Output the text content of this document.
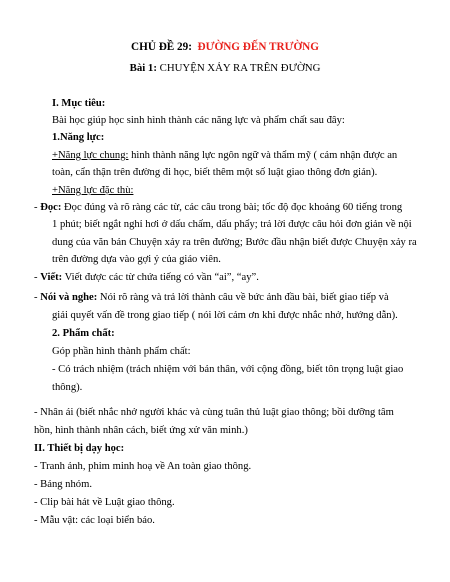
CHỦ ĐỀ 29: ĐƯỜNG ĐẾN TRƯỜNG
Bài 1: CHUYỆN XẢY RA TRÊN ĐƯỜNG
I. Mục tiêu:
Bài học giúp học sinh hình thành các năng lực và phẩm chất sau đây:
1.Năng lực:
+Năng lực chung: hình thành năng lực ngôn ngữ và thẩm mỹ ( cảm nhận được an
toàn, cẩn thận trên đường đi học, biết thêm một số luật giao thông đơn giản).
+Năng lực đặc thù:
- Đọc: Đọc đúng và rõ ràng các từ, các câu trong bài; tốc độ đọc khoảng 60 tiếng trong
1 phút; biết ngắt nghỉ hơi ở dấu chấm, dấu phẩy; trả lời được câu hỏi đơn giản về nội
dung của văn bản Chuyện xảy ra trên đường; Bước đầu nhận biết được Chuyện xảy ra
trên đường dựa vào gợi ý của giáo viên.
- Viết: Viết được các từ chứa tiếng có vần “ai”, “ay”.
- Nói và nghe: Nói rõ ràng và trả lời thành câu về bức ảnh đầu bài, biết giao tiếp và
giải quyết vấn đề trong giao tiếp ( nói lời cảm ơn khi được nhắc nhở, hướng dẫn).
2. Phẩm chất:
Góp phần hình thành phẩm chất:
- Có trách nhiệm (trách nhiệm với bản thân, với cộng đồng, biết tôn trọng luật giao
thông).
- Nhân ái (biết nhắc nhở người khác và cùng tuân thủ luật giao thông; bồi dưỡng tâm
hồn, hình thành nhân cách, biết ứng xử văn minh.)
II. Thiết bị dạy học:
- Tranh ảnh, phim minh hoạ về An toàn giao thông.
- Bảng nhóm.
- Clip bài hát về Luật giao thông.
- Mẫu vật: các loại biển báo.
